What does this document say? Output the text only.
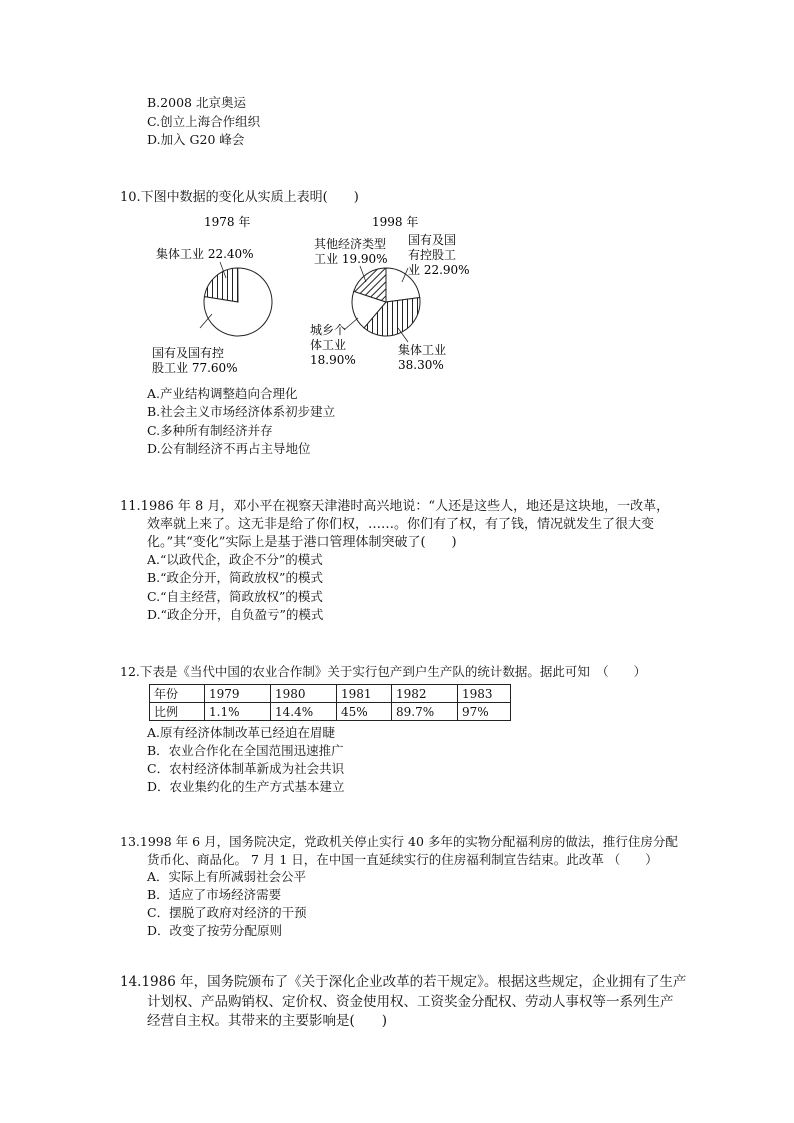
B.2008 北京奥运
C.创立上海合作组织
D.加入 G20 峰会
10.下图中数据的变化从实质上表明(　　)
1978 年	1998 年
集体工业 22.40%
国有及国有控
股工业 77.60%
其他经济类型
工业 19.90%
国有及国
有控股工
业 22.90%
城乡个
体工业
18.90%
集体工业
38.30%
A.产业结构调整趋向合理化
B.社会主义市场经济体系初步建立
C.多种所有制经济并存
D.公有制经济不再占主导地位
11.1986 年 8 月，邓小平在视察天津港时高兴地说：“人还是这些人，地还是这块地，一改革，
效率就上来了。这无非是给了你们权，……。你们有了权，有了钱，情况就发生了很大变
化。”其“变化”实际上是基于港口管理体制突破了(　　)
A.“以政代企，政企不分”的模式
B.“政企分开，简政放权”的模式
C.“自主经营，简政放权”的模式
D.“政企分开，自负盈亏”的模式
12.下表是《当代中国的农业合作制》关于实行包产到户生产队的统计数据。据此可知　（　　）
年份	1979	1980	1981	1982	1983
比例	1.1%	14.4%	45%	89.7%	97%
A.原有经济体制改革已经迫在眉睫
B．农业合作化在全国范围迅速推广
C．农村经济体制革新成为社会共识
D．农业集约化的生产方式基本建立
13.1998 年 6 月，国务院决定，党政机关停止实行 40 多年的实物分配福利房的做法，推行住房分配
货币化、商品化。 7 月 1 日，在中国一直延续实行的住房福利制宣告结束。此改革 （　　）
A．实际上有所减弱社会公平
B．适应了市场经济需要
C．摆脱了政府对经济的干预
D．改变了按劳分配原则
14.1986 年，国务院颁布了《关于深化企业改革的若干规定》。根据这些规定，企业拥有了生产
计划权、产品购销权、定价权、资金使用权、工资奖金分配权、劳动人事权等一系列生产
经营自主权。其带来的主要影响是(　　)
